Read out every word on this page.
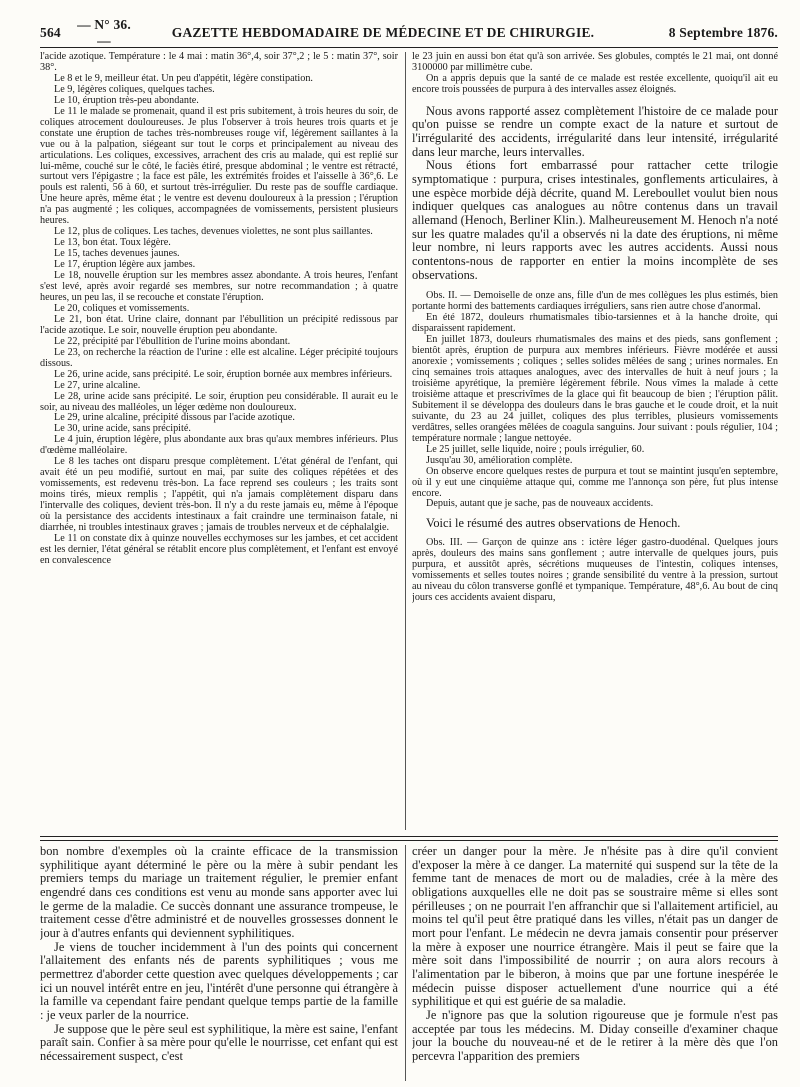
564
— N° 36. —
GAZETTE HEBDOMADAIRE DE MÉDECINE ET DE CHIRURGIE.	8 Septembre 1876.

l'acide azotique. Température : le 4 mai : matin 36°,4, soir 37°,2 ; le 5 : matin 37°, soir 38°.

Le 8 et le 9, meilleur état. Un peu d'appétit, légère constipation.

Le 9, légères coliques, quelques taches.

Le 10, éruption très-peu abondante.

Le 11 le malade se promenait, quand il est pris subitement, à trois heures du soir, de coliques atrocement douloureuses. Je plus l'observer à trois heures trois quarts et je constate une éruption de taches très-nombreuses rouge vif, légèrement saillantes à la vue ou à la palpation, siégeant sur tout le corps et principalement au niveau des articulations. Les coliques, excessives, arrachent des cris au malade, qui est replié sur lui-même, couché sur le côté, le faciès étiré, presque abdominal ; le ventre est rétracté, surtout vers l'épigastre ; la face est pâle, les extrémités froides et l'aisselle à 36°,6. Le pouls est ralenti, 56 à 60, et surtout très-irrégulier. Du reste pas de souffle cardiaque. Une heure après, même état ; le ventre est devenu douloureux à la pression ; l'éruption n'a pas augmenté ; les coliques, accompagnées de vomissements, persistent plusieurs heures.

Le 12, plus de coliques. Les taches, devenues violettes, ne sont plus saillantes.

Le 13, bon état. Toux légère.

Le 15, taches devenues jaunes.

Le 17, éruption légère aux jambes.

Le 18, nouvelle éruption sur les membres assez abondante. A trois heures, l'enfant s'est levé, après avoir regardé ses membres, sur notre recommandation ; à quatre heures, un peu las, il se recouche et constate l'éruption.

Le 20, coliques et vomissements.

Le 21, bon état. Urine claire, donnant par l'ébullition un précipité redissous par l'acide azotique. Le soir, nouvelle éruption peu abondante.

Le 22, précipité par l'ébullition de l'urine moins abondant.

Le 23, on recherche la réaction de l'urine : elle est alcaline. Léger précipité toujours dissous.

Le 26, urine acide, sans précipité. Le soir, éruption bornée aux membres inférieurs.

Le 27, urine alcaline.

Le 28, urine acide sans précipité. Le soir, éruption peu considérable. Il aurait eu le soir, au niveau des malléoles, un léger œdème non douloureux.

Le 29, urine alcaline, précipité dissous par l'acide azotique.

Le 30, urine acide, sans précipité.

Le 4 juin, éruption légère, plus abondante aux bras qu'aux membres inférieurs. Plus d'œdème malléolaire.

Le 8 les taches ont disparu presque complètement. L'état général de l'enfant, qui avait été un peu modifié, surtout en mai, par suite des coliques répétées et des vomissements, est redevenu très-bon. La face reprend ses couleurs ; les traits sont moins tirés, mieux remplis ; l'appétit, qui n'a jamais complètement disparu dans l'intervalle des coliques, devient très-bon. Il n'y a du reste jamais eu, même à l'époque où la persistance des accidents intestinaux a fait craindre une terminaison fatale, ni diarrhée, ni troubles intestinaux graves ; jamais de troubles nerveux et de céphalalgie.

Le 11 on constate dix à quinze nouvelles ecchymoses sur les jambes, et cet accident est les dernier, l'état général se rétablit encore plus complètement, et l'enfant est envoyé en convalescence

le 23 juin en aussi bon état qu'à son arrivée. Ses globules, comptés le 21 mai, ont donné 3100000 par millimètre cube.

On a appris depuis que la santé de ce malade est restée excellente, quoiqu'il ait eu encore trois poussées de purpura à des intervalles assez éloignés.

Nous avons rapporté assez complètement l'histoire de ce malade pour qu'on puisse se rendre un compte exact de la nature et surtout de l'irrégularité des accidents, irrégularité dans leur intensité, irrégularité dans leur marche, leurs intervalles.

Nous étions fort embarrassé pour rattacher cette trilogie symptomatique : purpura, crises intestinales, gonflements articulaires, à une espèce morbide déjà décrite, quand M. Lereboullet voulut bien nous indiquer quelques cas analogues au nôtre contenus dans un travail allemand (Henoch, Berliner Klin.). Malheureusement M. Henoch n'a noté sur les quatre malades qu'il a observés ni la date des éruptions, ni même leur nombre, ni leurs rapports avec les autres accidents. Aussi nous contentons-nous de rapporter en entier la moins incomplète de ses observations.

Obs. II. — Demoiselle de onze ans, fille d'un de mes collègues les plus estimés, bien portante hormi des battements cardiaques irréguliers, sans rien autre chose d'anormal.

En été 1872, douleurs rhumatismales tibio-tarsiennes et à la hanche droite, qui disparaissent rapidement.

En juillet 1873, douleurs rhumatismales des mains et des pieds, sans gonflement ; bientôt après, éruption de purpura aux membres inférieurs. Fièvre modérée et aussi anorexie ; vomissements ; coliques ; selles solides mêlées de sang ; urines normales. En cinq semaines trois attaques analogues, avec des intervalles de huit à neuf jours ; la troisième apyrétique, la première légèrement fébrile. Nous vîmes la malade à cette troisième attaque et prescrivîmes de la glace qui fit beaucoup de bien ; l'éruption pâlit. Subitement il se développa des douleurs dans le bras gauche et le coude droit, et la nuit suivante, du 23 au 24 juillet, coliques des plus terribles, plusieurs vomissements verdâtres, selles orangées mêlées de coagula sanguins. Jour suivant : pouls régulier, 104 ; température normale ; langue nettoyée.

Le 25 juillet, selle liquide, noire ; pouls irrégulier, 60.

Jusqu'au 30, amélioration complète.

On observe encore quelques restes de purpura et tout se maintint jusqu'en septembre, où il y eut une cinquième attaque qui, comme me l'annonça son père, fut plus intense encore.

Depuis, autant que je sache, pas de nouveaux accidents.

Voici le résumé des autres observations de Henoch.

Obs. III. — Garçon de quinze ans : ictère léger gastro-duodénal. Quelques jours après, douleurs des mains sans gonflement ; autre intervalle de quelques jours, puis purpura, et aussitôt après, sécrétions muqueuses de l'intestin, coliques intenses, vomissements et selles toutes noires ; grande sensibilité du ventre à la pression, surtout au niveau du côlon transverse gonflé et tympanique. Température, 48°,6. Au bout de cinq jours ces accidents avaient disparu,

bon nombre d'exemples où la crainte efficace de la transmission syphilitique ayant déterminé le père ou la mère à subir pendant les premiers temps du mariage un traitement régulier, le premier enfant engendré dans ces conditions est venu au monde sans apporter avec lui le germe de la maladie. Ce succès donnant une assurance trompeuse, le traitement cesse d'être administré et de nouvelles grossesses donnent le jour à d'autres enfants qui deviennent syphilitiques.

Je viens de toucher incidemment à l'un des points qui concernent l'allaitement des enfants nés de parents syphilitiques ; vous me permettrez d'aborder cette question avec quelques développements ; car ici un nouvel intérêt entre en jeu, l'intérêt d'une personne qui étrangère à la famille va cependant faire pendant quelque temps partie de la famille : je veux parler de la nourrice.

Je suppose que le père seul est syphilitique, la mère est saine, l'enfant paraît sain. Confier à sa mère pour qu'elle le nourrisse, cet enfant qui est nécessairement suspect, c'est

créer un danger pour la mère. Je n'hésite pas à dire qu'il convient d'exposer la mère à ce danger. La maternité qui suspend sur la tête de la femme tant de menaces de mort ou de maladies, crée à la mère des obligations auxquelles elle ne doit pas se soustraire même si elles sont périlleuses ; on ne pourrait l'en affranchir que si l'allaitement artificiel, au moins tel qu'il peut être pratiqué dans les villes, n'était pas un danger de mort pour l'enfant. Le médecin ne devra jamais consentir pour préserver la mère à exposer une nourrice étrangère. Mais il peut se faire que la mère soit dans l'impossibilité de nourrir ; on aura alors recours à l'alimentation par le biberon, à moins que par une fortune inespérée le médecin puisse disposer actuellement d'une nourrice qui a été syphilitique et qui est guérie de sa maladie.

Je n'ignore pas que la solution rigoureuse que je formule n'est pas acceptée par tous les médecins. M. Diday conseille d'examiner chaque jour la bouche du nouveau-né et de le retirer à la mère dès que l'on percevra l'apparition des premiers
